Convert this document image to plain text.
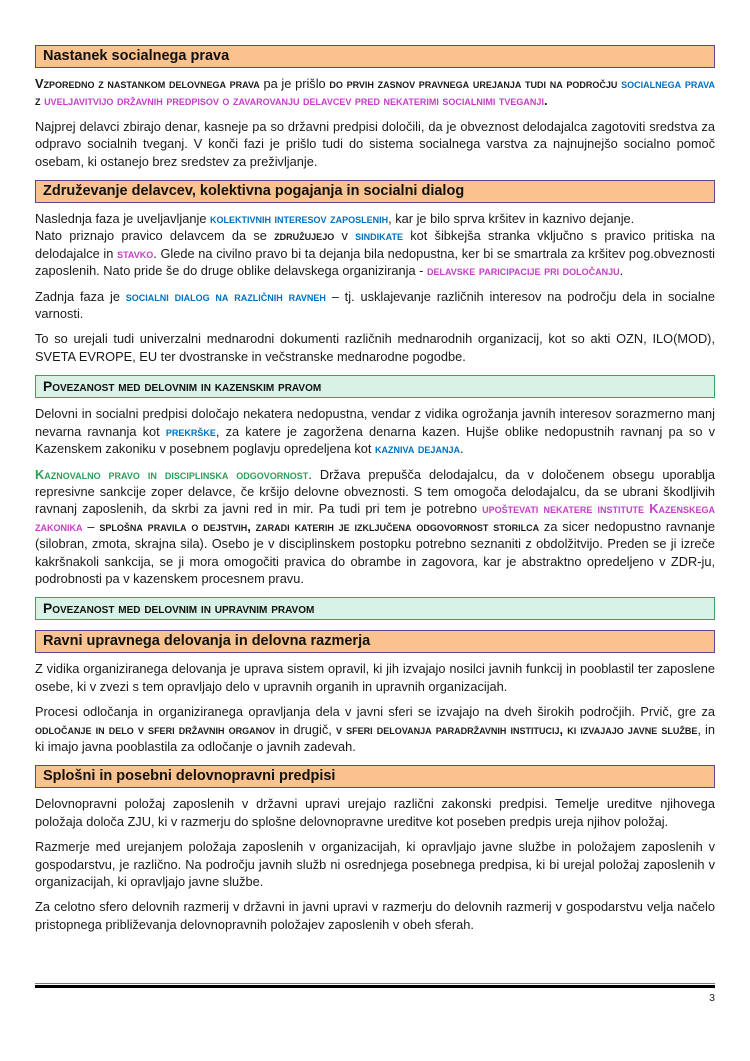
Nastanek socialnega prava

Vzporedno z nastankom delovnega prava pa je prišlo do prvih zasnov pravnega urejanja tudi na področju socialnega prava z uveljavitvijo državnih predpisov o zavarovanju delavcev pred nekaterimi socialnimi tveganji.

Najprej delavci zbirajo denar, kasneje pa so državni predpisi določili, da je obveznost delodajalca zagotoviti sredstva za odpravo socialnih tveganj. V konči fazi je prišlo tudi do sistema socialnega varstva za najnujnejšo socialno pomoč osebam, ki ostanejo brez sredstev za preživljanje.

Združevanje delavcev, kolektivna pogajanja in socialni dialog

Naslednja faza je uveljavljanje kolektivnih interesov zaposlenih, kar je bilo sprva kršitev in kaznivo dejanje.
Nato priznajo pravico delavcem da se združujejo v sindikate kot šibkejša stranka vključno s pravico pritiska na delodajalce in stavko. Glede na civilno pravo bi ta dejanja bila nedopustna, ker bi se smartrala za kršitev pog.obveznosti zaposlenih. Nato pride še do druge oblike delavskega organiziranja - delavske paricipacije pri določanju.

Zadnja faza je socialni dialog na različnih ravneh – tj. usklajevanje različnih interesov na področju dela in socialne varnosti.

To so urejali tudi univerzalni mednarodni dokumenti različnih mednarodnih organizacij, kot so akti OZN, ILO(MOD), SVETA EVROPE, EU ter dvostranske in večstranske mednarodne pogodbe.

Povezanost med delovnim in kazenskim pravom

Delovni in socialni predpisi določajo nekatera nedopustna, vendar z vidika ogrožanja javnih interesov sorazmerno manj nevarna ravnanja kot prekrške, za katere je zagoržena denarna kazen. Hujše oblike nedopustnih ravnanj pa so v Kazenskem zakoniku v posebnem poglavju opredeljena kot kazniva dejanja.

Kaznovalno pravo in disciplinska odgovornost. Država prepušča delodajalcu, da v določenem obsegu uporablja represivne sankcije zoper delavce, če kršijo delovne obveznosti. S tem omogoča delodajalcu, da se ubrani škodljivih ravnanj zaposlenih, da skrbi za javni red in mir. Pa tudi pri tem je potrebno upoštevati nekatere institute Kazenskega zakonika – splošna pravila o dejstvih, zaradi katerih je izključena odgovornost storilca za sicer nedopustno ravnanje (silobran, zmota, skrajna sila). Osebo je v disciplinskem postopku potrebno seznaniti z obdolžitvijo. Preden se ji izreče kakršnakoli sankcija, se ji mora omogočiti pravica do obrambe in zagovora, kar je abstraktno opredeljeno v ZDR-ju, podrobnosti pa v kazenskem procesnem pravu.

Povezanost med delovnim in upravnim pravom
Ravni upravnega delovanja in delovna razmerja

Z vidika organiziranega delovanja je uprava sistem opravil, ki jih izvajajo nosilci javnih funkcij in pooblastil ter zaposlene osebe, ki v zvezi s tem opravljajo delo v upravnih organih in upravnih organizacijah.

Procesi odločanja in organiziranega opravljanja dela v javni sferi se izvajajo na dveh širokih področjih. Prvič, gre za odločanje in delo v sferi državnih organov in drugič, v sferi delovanja paradržavnih institucij, ki izvajajo javne službe, in ki imajo javna pooblastila za odločanje o javnih zadevah.

Splošni in posebni delovnopravni predpisi

Delovnopravni položaj zaposlenih v državni upravi urejajo različni zakonski predpisi. Temelje ureditve njihovega položaja določa ZJU, ki v razmerju do splošne delovnopravne ureditve kot poseben predpis ureja njihov položaj.

Razmerje med urejanjem položaja zaposlenih v organizacijah, ki opravljajo javne službe in položajem zaposlenih v gospodarstvu, je različno. Na področju javnih služb ni osrednjega posebnega predpisa, ki bi urejal položaj zaposlenih v organizacijah, ki opravljajo javne službe.

Za celotno sfero delovnih razmerij v državni in javni upravi v razmerju do delovnih razmerij v gospodarstvu velja načelo pristopnega približevanja delovnopravnih položajev zaposlenih v obeh sferah.

3
